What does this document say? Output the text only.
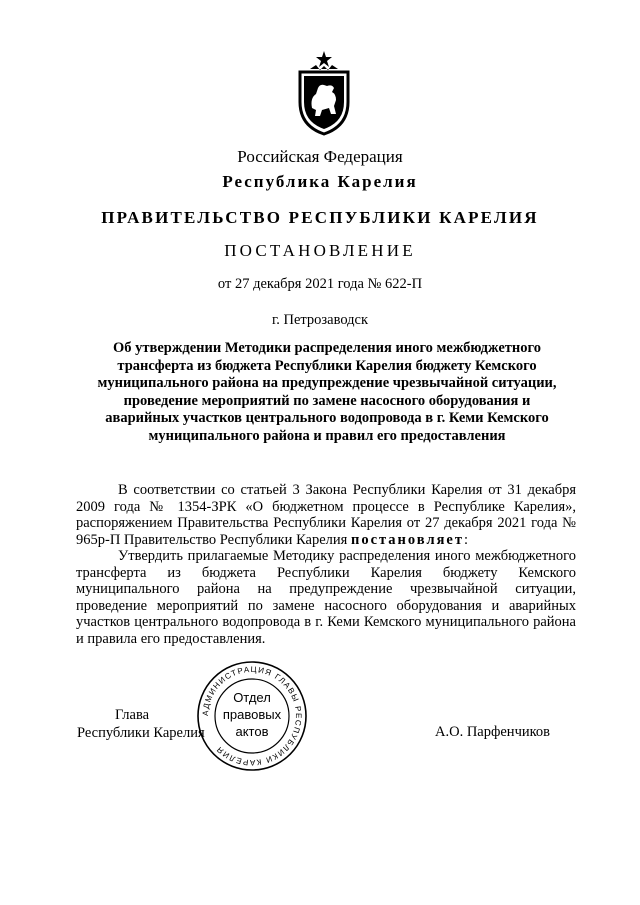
Российская Федерация
Республика Карелия
ПРАВИТЕЛЬСТВО РЕСПУБЛИКИ КАРЕЛИЯ
ПОСТАНОВЛЕНИЕ
от 27 декабря 2021 года № 622-П
г. Петрозаводск
Об утверждении Методики распределения иного межбюджетного трансферта из бюджета Республики Карелия бюджету Кемского муниципального района на предупреждение чрезвычайной ситуации, проведение мероприятий по замене насосного оборудования и аварийных участков центрального водопровода в г. Кеми Кемского муниципального района и правил его предоставления

В соответствии со статьей 3 Закона Республики Карелия от 31 декабря 2009 года № 1354-ЗРК «О бюджетном процессе в Республике Карелия», распоряжением Правительства Республики Карелия от 27 декабря 2021 года № 965р-П Правительство Республики Карелия постановляет:

Утвердить прилагаемые Методику распределения иного межбюджетного трансферта из бюджета Республики Карелия бюджету Кемского муниципального района на предупреждение чрезвычайной ситуации, проведение мероприятий по замене насосного оборудования и аварийных участков центрального водопровода в г. Кеми Кемского муниципального района и правила его предоставления.

Глава
Республики Карелия	А.О. Парфенчиков
АДМИНИСТРАЦИЯ ГЛАВЫ РЕСПУБЛИКИ КАРЕЛИЯ
Отдел
правовых
актов
